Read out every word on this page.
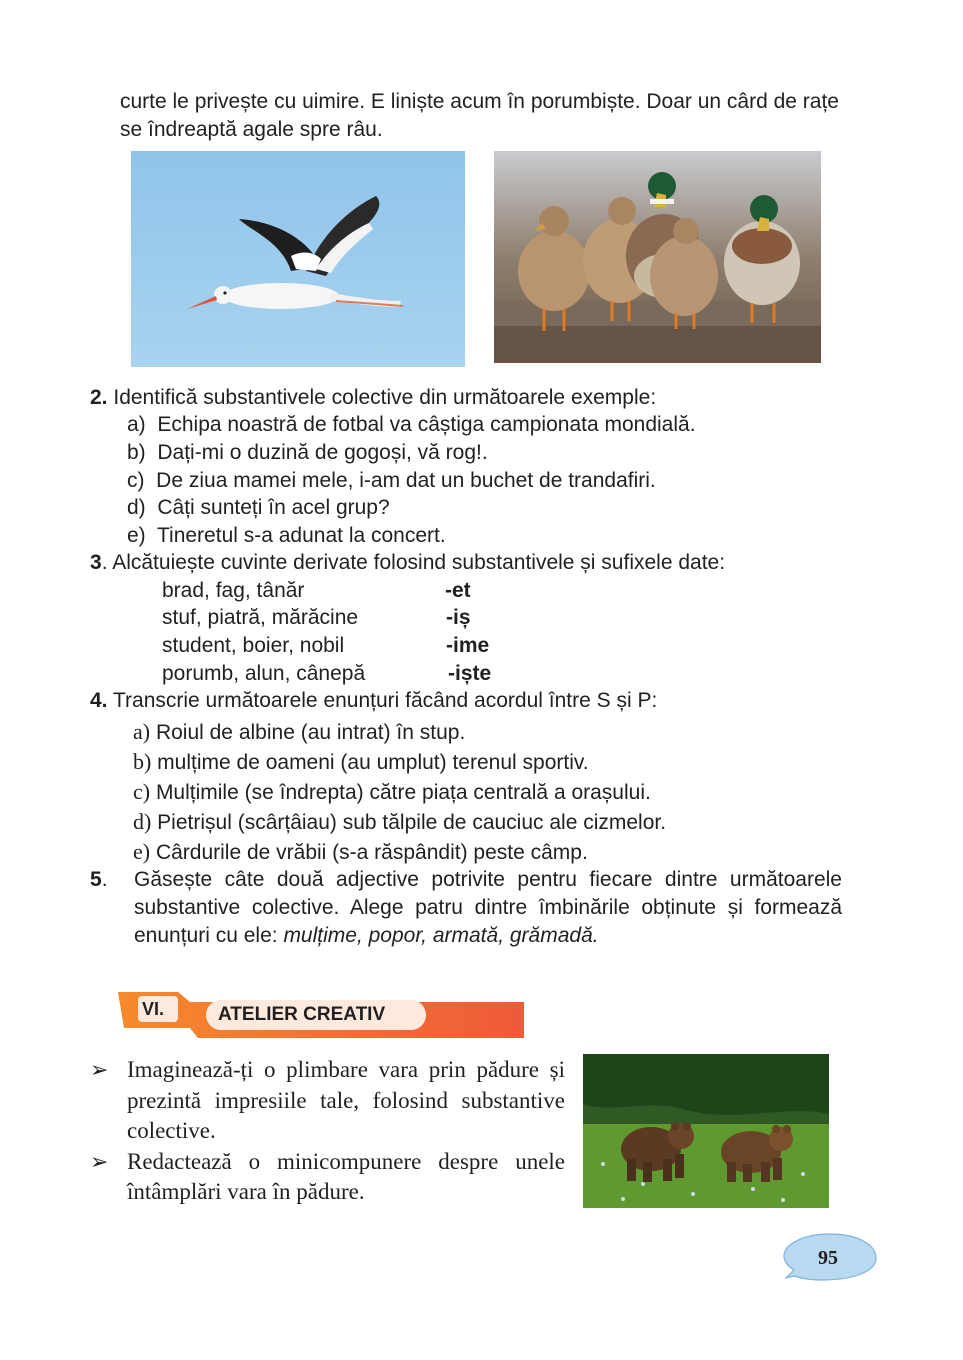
curte le privește cu uimire. E liniște acum în porumbiște. Doar un cârd de rațe se îndreaptă agale spre râu.
2. Identifică substantivele colective din următoarele exemple:
a) Echipa noastră de fotbal va câștiga campionata mondială.
b) Dați-mi o duzină de gogoși, vă rog!.
c) De ziua mamei mele, i-am dat un buchet de trandafiri.
d) Câți sunteți în acel grup?
e) Tineretul s-a adunat la concert.
3. Alcătuiește cuvinte derivate folosind substantivele și sufixele date:
brad, fag, tânăr	-et
stuf, piatră, mărăcine	-iș
student, boier, nobil	-ime
porumb, alun, cânepă	-iște
4. Transcrie următoarele enunțuri făcând acordul între S și P:
a) Roiul de albine (au intrat) în stup.
b) mulțime de oameni (au umplut) terenul sportiv.
c) Mulțimile (se îndrepta) către piața centrală a orașului.
d) Pietrișul (scârțâiau) sub tălpile de cauciuc ale cizmelor.
e) Cârdurile de vrăbii (s-a răspândit) peste câmp.
5.	Găsește câte două adjective potrivite pentru fiecare dintre următoarele substantive colective. Alege patru dintre îmbinările obținute și formează enunțuri cu ele: mulțime, popor, armată, grămadă.
VI.	ATELIER CREATIV
➢ Imaginează-ți o plimbare vara prin pădure și prezintă impresiile tale, folosind substantive colective.
➢ Redactează o minicompunere despre unele întâmplări vara în pădure.
95
